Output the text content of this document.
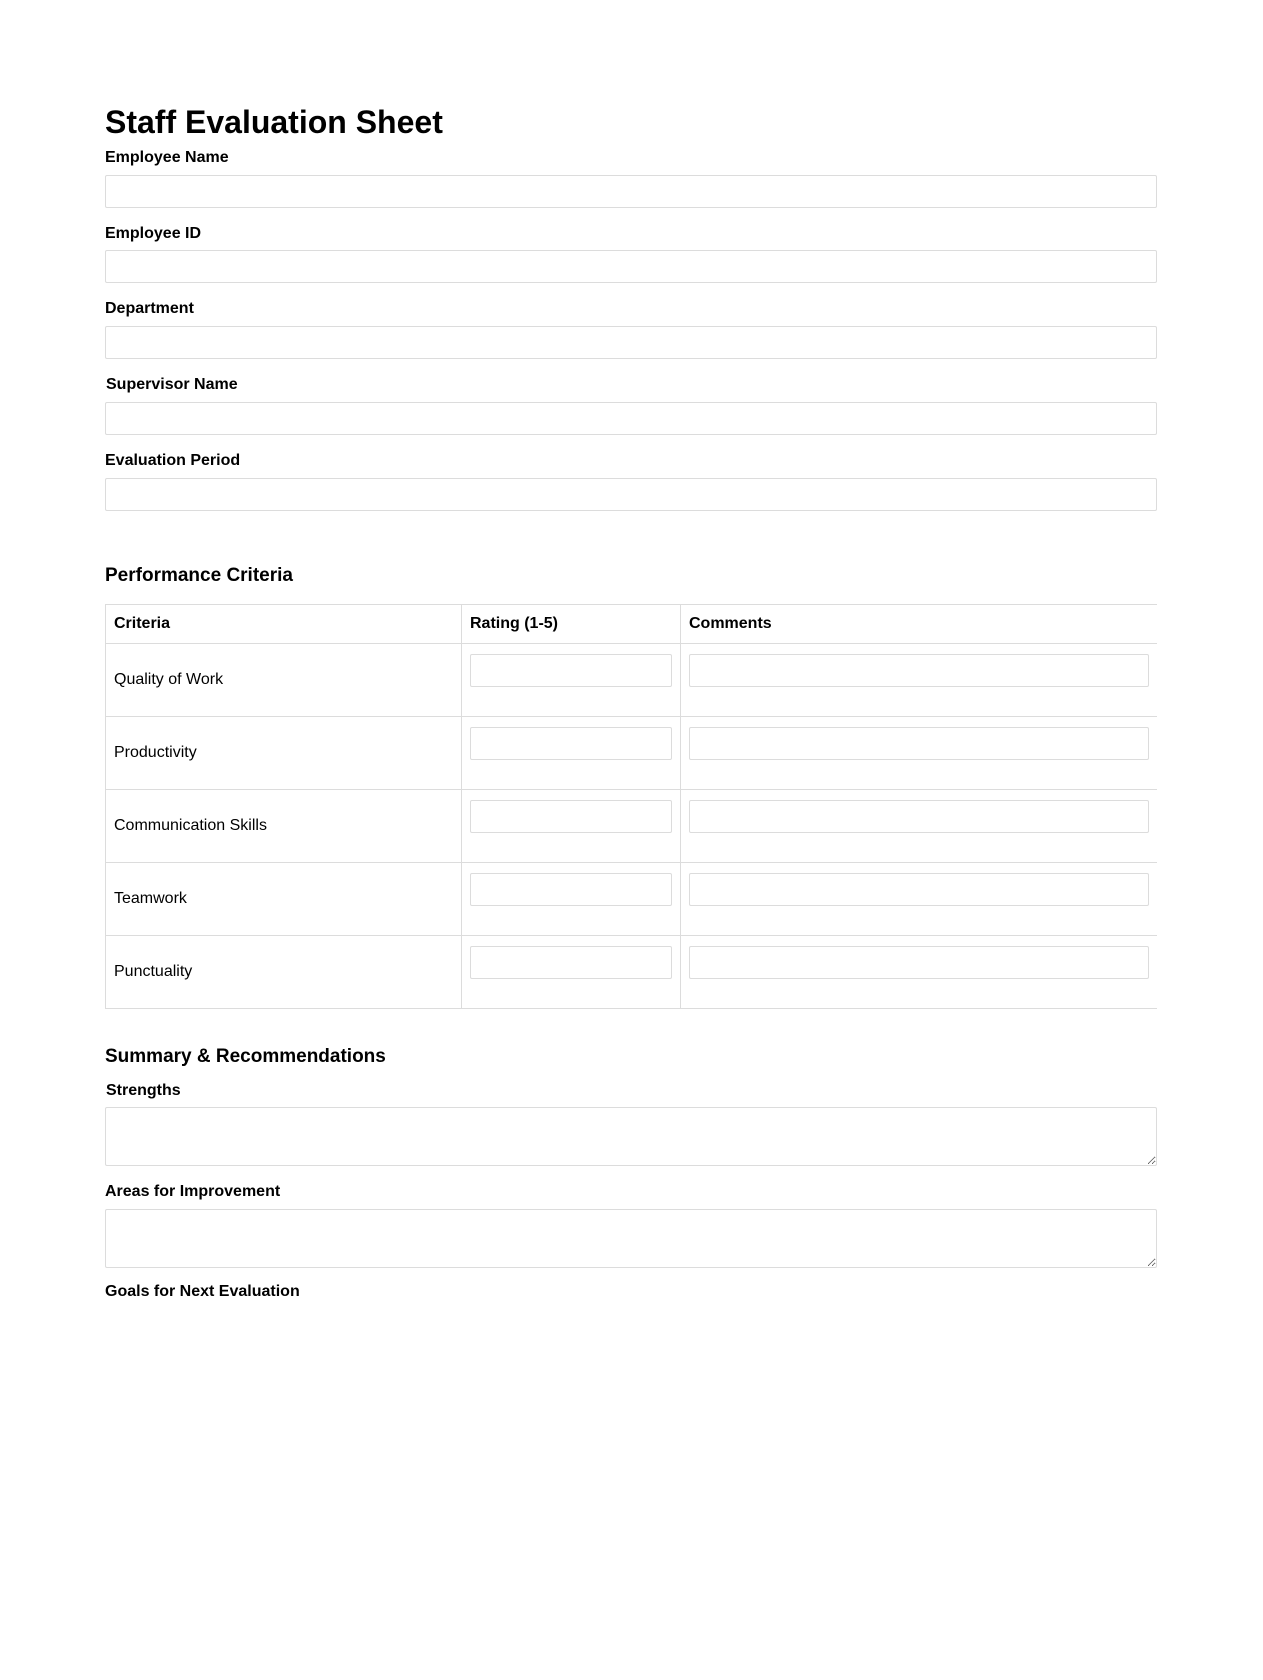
Staff Evaluation Sheet
Employee Name
Employee ID
Department
Supervisor Name
Evaluation Period
Performance Criteria
Criteria	Rating (1-5)	Comments
Quality of Work	

Productivity	

Communication Skills	

Teamwork	

Punctuality	

Summary & Recommendations
Strengths
Areas for Improvement
Goals for Next Evaluation
